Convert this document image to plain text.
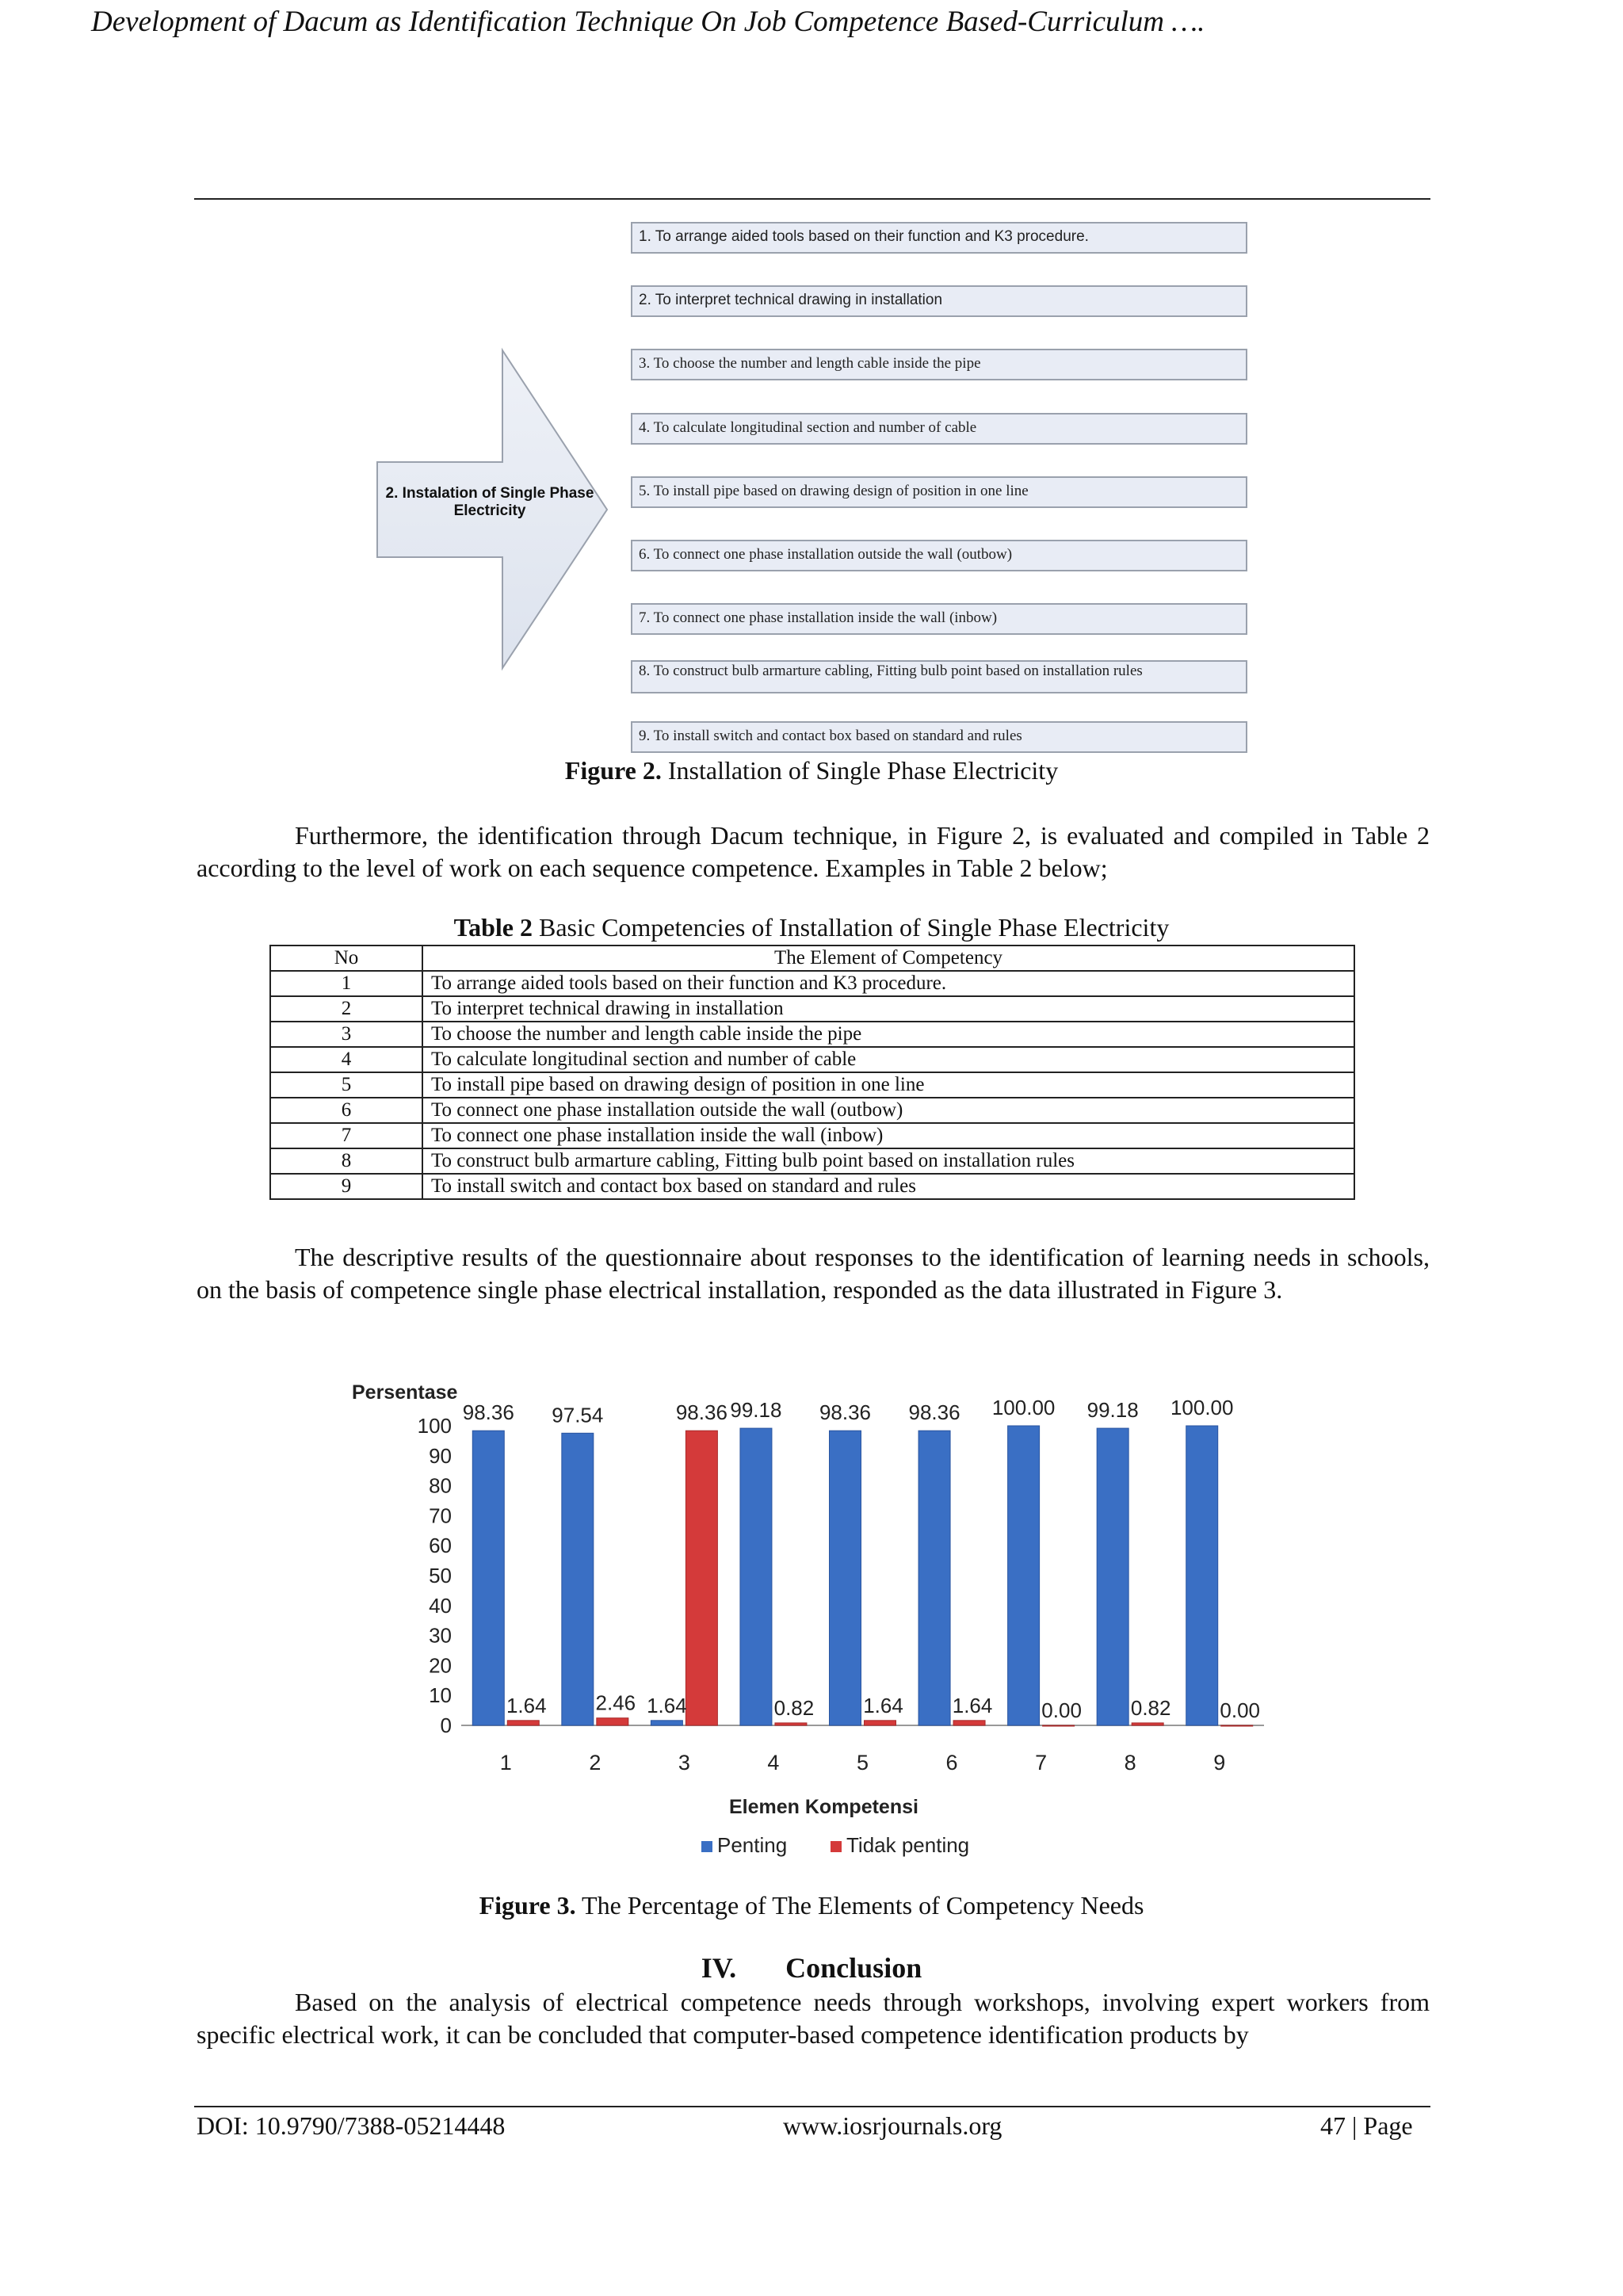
Development of Dacum as Identification Technique On Job Competence Based-Curriculum ….
2. Instalation of Single Phase Electricity
1. To arrange aided tools based on their function and K3 procedure.
2. To interpret technical drawing in installation
3. To choose the number and length cable inside the pipe
4. To calculate longitudinal section and number of cable
5. To install pipe based on drawing design of position in one line
6. To connect one phase installation outside the wall (outbow)
7. To connect one phase installation inside the wall (inbow)
8. To construct bulb armarture cabling, Fitting bulb point based on installation rules
9. To install switch and contact box based on standard and rules
Figure 2. Installation of Single Phase Electricity
Furthermore, the identification through Dacum technique, in Figure 2, is evaluated and compiled in Table 2 according to the level of work on each sequence competence. Examples in Table 2 below;
Table 2 Basic Competencies of Installation of Single Phase Electricity
No	The Element of Competency
1	To arrange aided tools based on their function and K3 procedure.
2	To interpret technical drawing in installation
3	To choose the number and length cable inside the pipe
4	To calculate longitudinal section and number of cable
5	To install pipe based on drawing design of position in one line
6	To connect one phase installation outside the wall (outbow)
7	To connect one phase installation inside the wall (inbow)
8	To construct bulb armarture cabling, Fitting bulb point based on installation rules
9	To install switch and contact box based on standard and rules
The descriptive results of the questionnaire about responses to the identification of learning needs in schools, on the basis of competence single phase electrical installation, responded as the data illustrated in Figure 3.
Persentase
0
10
20
30
40
50
60
70
80
90
100
98.36
1.64
1
97.54
2.46
2
1.64
98.36
3
99.18
0.82
4
98.36
1.64
5
98.36
1.64
6
100.00
0.00
7
99.18
0.82
8
100.00
0.00
9
Elemen Kompetensi
Penting	Tidak penting
Figure 3. The Percentage of The Elements of Competency Needs
IV. Conclusion
Based on the analysis of electrical competence needs through workshops, involving expert workers from specific electrical work, it can be concluded that computer-based competence identification products by
DOI: 10.9790/7388-05214448	www.iosrjournals.org	47 | Page
